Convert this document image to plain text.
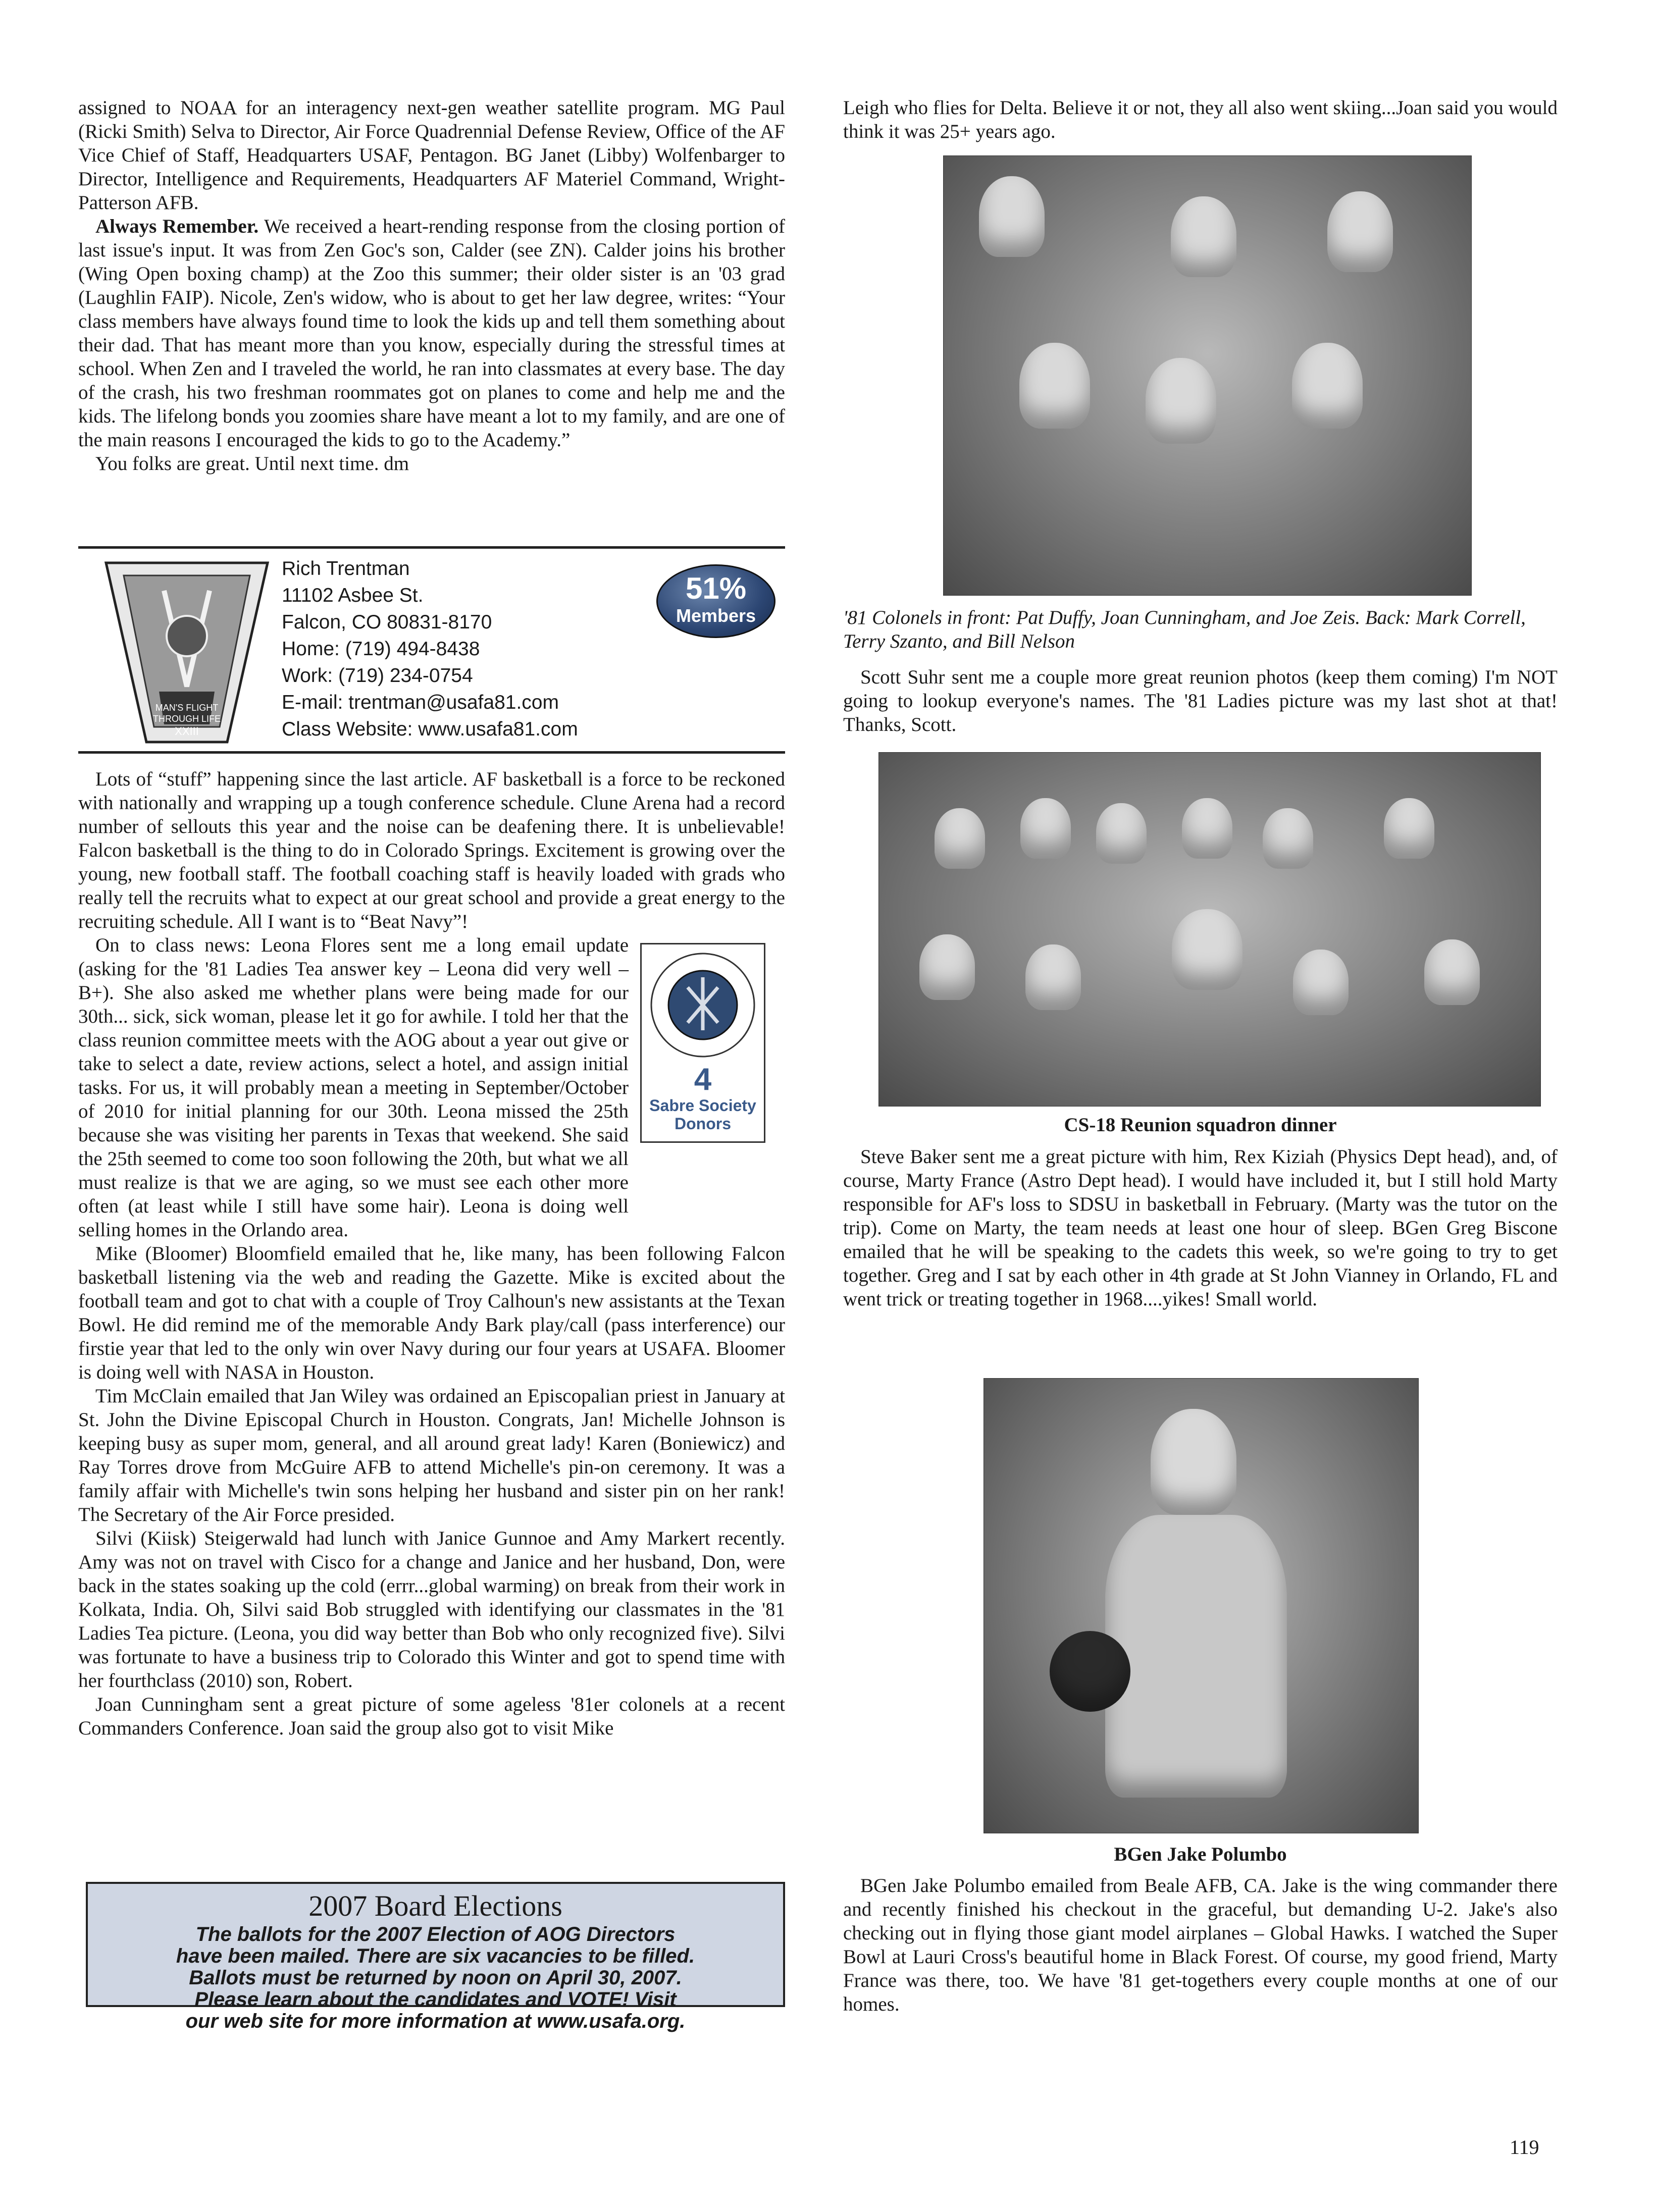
assigned to NOAA for an interagency next-gen weather satellite program. MG Paul (Ricki Smith) Selva to Director, Air Force Quadrennial Defense Review, Office of the AF Vice Chief of Staff, Headquarters USAF, Pentagon. BG Janet (Libby) Wolfenbarger to Director, Intelligence and Requirements, Headquarters AF Materiel Command, Wright-Patterson AFB.

Always Remember. We received a heart-rending response from the closing portion of last issue's input. It was from Zen Goc's son, Calder (see ZN). Calder joins his brother (Wing Open boxing champ) at the Zoo this summer; their older sister is an '03 grad (Laughlin FAIP). Nicole, Zen's widow, who is about to get her law degree, writes: “Your class members have always found time to look the kids up and tell them something about their dad. That has meant more than you know, especially during the stressful times at school. When Zen and I traveled the world, he ran into classmates at every base. The day of the crash, his two freshman roommates got on planes to come and help me and the kids. The lifelong bonds you zoomies share have meant a lot to my family, and are one of the main reasons I encouraged the kids to go to the Academy.”

You folks are great. Until next time. dm

MAN'S FLIGHT
THROUGH LIFE
XXIII
Rich Trentman
11102 Asbee St.
Falcon, CO 80831-8170
Home: (719) 494-8438
Work: (719) 234-0754
E-mail: trentman@usafa81.com
Class Website: www.usafa81.com
51%
Members

Lots of “stuff” happening since the last article. AF basketball is a force to be reckoned with nationally and wrapping up a tough conference schedule. Clune Arena had a record number of sellouts this year and the noise can be deafening there. It is unbelievable! Falcon basketball is the thing to do in Colorado Springs. Excitement is growing over the young, new football staff. The football coaching staff is heavily loaded with grads who really tell the recruits what to expect at our great school and provide a great energy to the recruiting schedule. All I want is to “Beat Navy”!

On to class news: Leona Flores sent me a long email update (asking for the '81 Ladies Tea answer key – Leona did very well – B+). She also asked me whether plans were being made for our 30th... sick, sick woman, please let it go for awhile. I told her that the class reunion committee meets with the AOG about a year out give or take to select a date, review actions, select a hotel, and assign initial tasks. For us, it will probably mean a meeting in September/October of 2010 for initial planning for our 30th. Leona missed the 25th because she was visiting her parents in Texas that weekend. She said the 25th seemed to come too soon following the 20th, but what we all must realize is that we are aging, so we must see each other more often (at least while I still have some hair). Leona is doing well selling homes in the Orlando area.

Mike (Bloomer) Bloomfield emailed that he, like many, has been following Falcon basketball listening via the web and reading the Gazette. Mike is excited about the football team and got to chat with a couple of Troy Calhoun's new assistants at the Texan Bowl. He did remind me of the memorable Andy Bark play/call (pass interference) our firstie year that led to the only win over Navy during our four years at USAFA. Bloomer is doing well with NASA in Houston.

Tim McClain emailed that Jan Wiley was ordained an Episcopalian priest in January at St. John the Divine Episcopal Church in Houston. Congrats, Jan! Michelle Johnson is keeping busy as super mom, general, and all around great lady! Karen (Boniewicz) and Ray Torres drove from McGuire AFB to attend Michelle's pin-on ceremony. It was a family affair with Michelle's twin sons helping her husband and sister pin on her rank! The Secretary of the Air Force presided.

Silvi (Kiisk) Steigerwald had lunch with Janice Gunnoe and Amy Markert recently. Amy was not on travel with Cisco for a change and Janice and her husband, Don, were back in the states soaking up the cold (errr...global warming) on break from their work in Kolkata, India. Oh, Silvi said Bob struggled with identifying our classmates in the '81 Ladies Tea picture. (Leona, you did way better than Bob who only recognized five). Silvi was fortunate to have a business trip to Colorado this Winter and got to spend time with her fourthclass (2010) son, Robert.

Joan Cunningham sent a great picture of some ageless '81er colonels at a recent Commanders Conference. Joan said the group also got to visit Mike

4
Sabre Society
Donors
2007 Board Elections

The ballots for the 2007 Election of AOG Directors

have been mailed. There are six vacancies to be filled.

Ballots must be returned by noon on April 30, 2007.

Please learn about the candidates and VOTE! Visit

our web site for more information at www.usafa.org.

Leigh who flies for Delta. Believe it or not, they all also went skiing...Joan said you would think it was 25+ years ago.

'81 Colonels in front: Pat Duffy, Joan Cunningham, and Joe Zeis. Back: Mark Correll, Terry Szanto, and Bill Nelson

Scott Suhr sent me a couple more great reunion photos (keep them coming) I'm NOT going to lookup everyone's names. The '81 Ladies picture was my last shot at that! Thanks, Scott.

CS-18 Reunion squadron dinner

Steve Baker sent me a great picture with him, Rex Kiziah (Physics Dept head), and, of course, Marty France (Astro Dept head). I would have included it, but I still hold Marty responsible for AF's loss to SDSU in basketball in February. (Marty was the tutor on the trip). Come on Marty, the team needs at least one hour of sleep. BGen Greg Biscone emailed that he will be speaking to the cadets this week, so we're going to try to get together. Greg and I sat by each other in 4th grade at St John Vianney in Orlando, FL and went trick or treating together in 1968....yikes! Small world.

BGen Jake Polumbo

BGen Jake Polumbo emailed from Beale AFB, CA. Jake is the wing commander there and recently finished his checkout in the graceful, but demanding U-2. Jake's also checking out in flying those giant model airplanes – Global Hawks. I watched the Super Bowl at Lauri Cross's beautiful home in Black Forest. Of course, my good friend, Marty France was there, too. We have '81 get-togethers every couple months at one of our homes.

119
